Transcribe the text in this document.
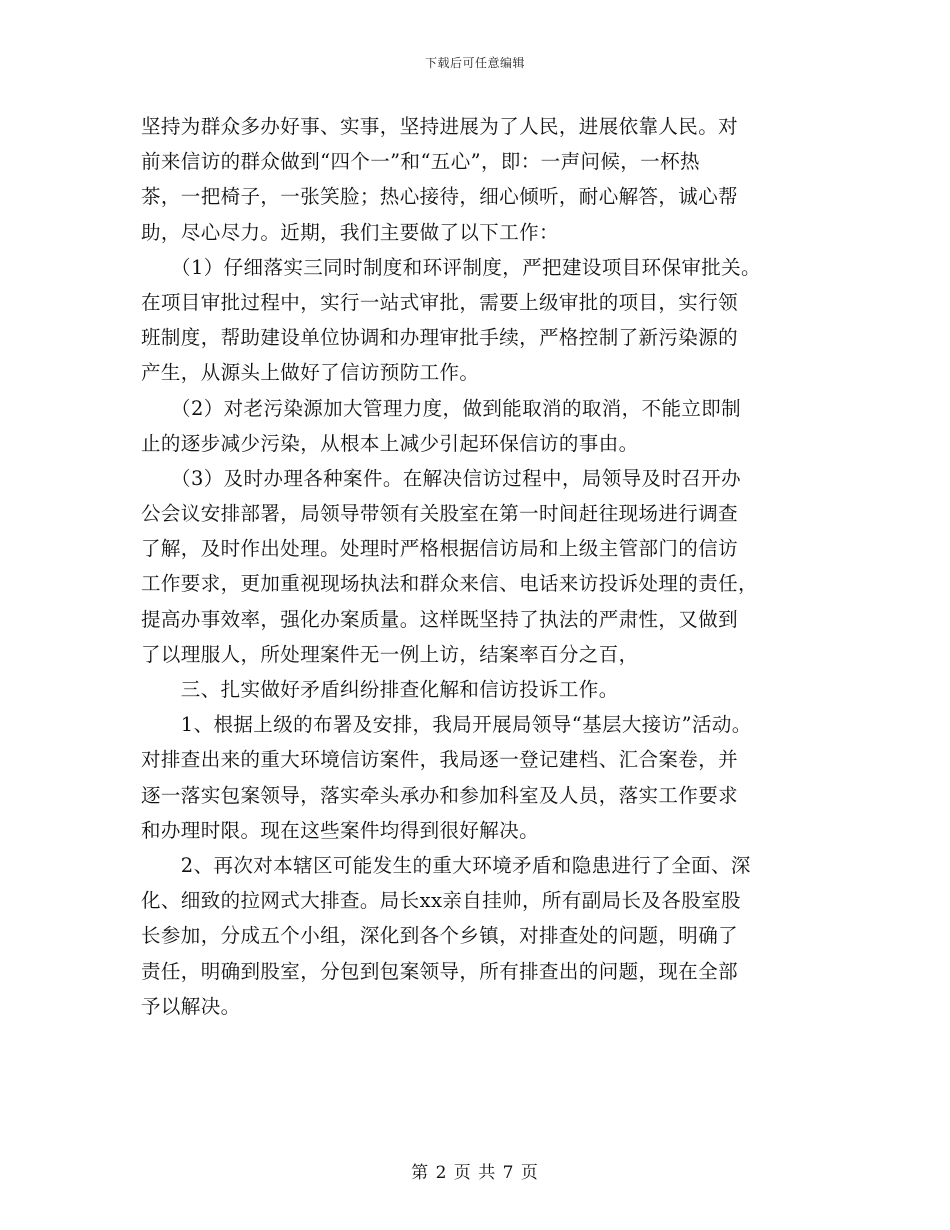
下载后可任意编辑
坚持为群众多办好事、实事，坚持进展为了人民，进展依靠人民。对
前来信访的群众做到“四个一”和“五心”，即：一声问候，一杯热
茶，一把椅子，一张笑脸；热心接待，细心倾听，耐心解答，诚心帮
助，尽心尽力。近期，我们主要做了以下工作：
　　（1）仔细落实三同时制度和环评制度，严把建设项目环保审批关。
在项目审批过程中，实行一站式审批，需要上级审批的项目，实行领
班制度，帮助建设单位协调和办理审批手续，严格控制了新污染源的
产生，从源头上做好了信访预防工作。
　　（2）对老污染源加大管理力度，做到能取消的取消，不能立即制
止的逐步减少污染，从根本上减少引起环保信访的事由。
　　（3）及时办理各种案件。在解决信访过程中，局领导及时召开办
公会议安排部署，局领导带领有关股室在第一时间赶往现场进行调查
了解，及时作出处理。处理时严格根据信访局和上级主管部门的信访
工作要求，更加重视现场执法和群众来信、电话来访投诉处理的责任，
提高办事效率，强化办案质量。这样既坚持了执法的严肃性，又做到
了以理服人，所处理案件无一例上访，结案率百分之百，
　　三、扎实做好矛盾纠纷排查化解和信访投诉工作。
　　1、根据上级的布署及安排，我局开展局领导“基层大接访”活动。
对排查出来的重大环境信访案件，我局逐一登记建档、汇合案卷，并
逐一落实包案领导，落实牵头承办和参加科室及人员，落实工作要求
和办理时限。现在这些案件均得到很好解决。
　　2、再次对本辖区可能发生的重大环境矛盾和隐患进行了全面、深
化、细致的拉网式大排查。局长xx亲自挂帅，所有副局长及各股室股
长参加，分成五个小组，深化到各个乡镇，对排查处的问题，明确了
责任，明确到股室，分包到包案领导，所有排查出的问题，现在全部
予以解决。
第 2 页 共 7 页
